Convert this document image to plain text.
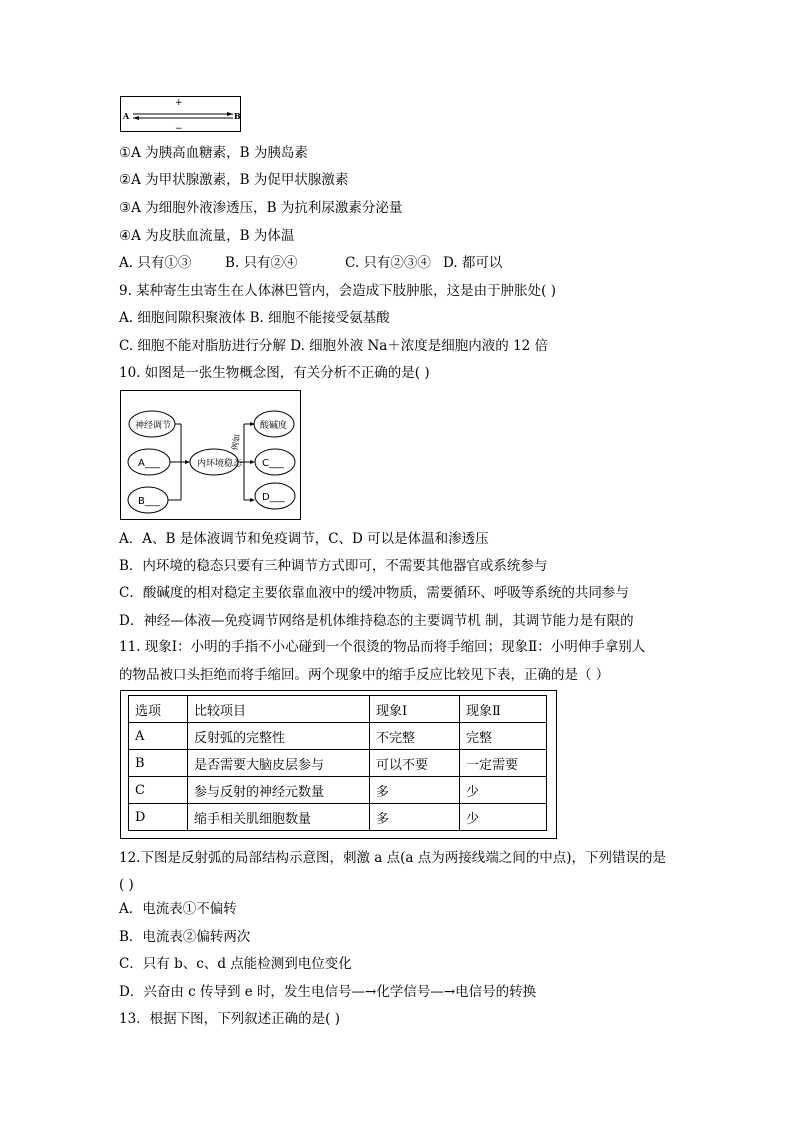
+
−
A	B
①A 为胰高血糖素，B 为胰岛素
②A 为甲状腺激素，B 为促甲状腺激素
③A 为细胞外液渗透压，B 为抗利尿激素分泌量
④A 为皮肤血流量，B 为体温
A. 只有①③ B. 只有②④	C. 只有②③④ D. 都可以
9. 某种寄生虫寄生在人体淋巴管内，会造成下肢肿胀，这是由于肿胀处( )
A. 细胞间隙积聚液体 B. 细胞不能接受氨基酸
C. 细胞不能对脂肪进行分解 D. 细胞外液 Na＋浓度是细胞内液的 12 倍
10. 如图是一张生物概念图，有关分析不正确的是( )
神经调节
A___
B___
内环境稳态
例如
酸碱度
C___
D___
A．A、B 是体液调节和免疫调节，C、D 可以是体温和渗透压
B．内环境的稳态只要有三种调节方式即可，不需要其他器官或系统参与
C．酸碱度的相对稳定主要依靠血液中的缓冲物质，需要循环、呼吸等系统的共同参与
D．神经—体液—免疫调节网络是机体维持稳态的主要调节机 制，其调节能力是有限的
11. 现象Ⅰ：小明的手指不小心碰到一个很烫的物品而将手缩回；现象Ⅱ：小明伸手拿别人
的物品被口头拒绝而将手缩回。两个现象中的缩手反应比较见下表，正确的是（ ）
选项	比较项目	现象Ⅰ	现象Ⅱ
A	反射弧的完整性	不完整	完整
B	是否需要大脑皮层参与	可以不要	一定需要
C	参与反射的神经元数量	多	少
D	缩手相关肌细胞数量	多	少
12.下图是反射弧的局部结构示意图，刺激 a 点(a 点为两接线端之间的中点)，下列错误的是
( )
A．电流表①不偏转
B．电流表②偏转两次
C．只有 b、c、d 点能检测到电位变化
D．兴奋由 c 传导到 e 时，发生电信号—→化学信号—→电信号的转换
13．根据下图，下列叙述正确的是( )
